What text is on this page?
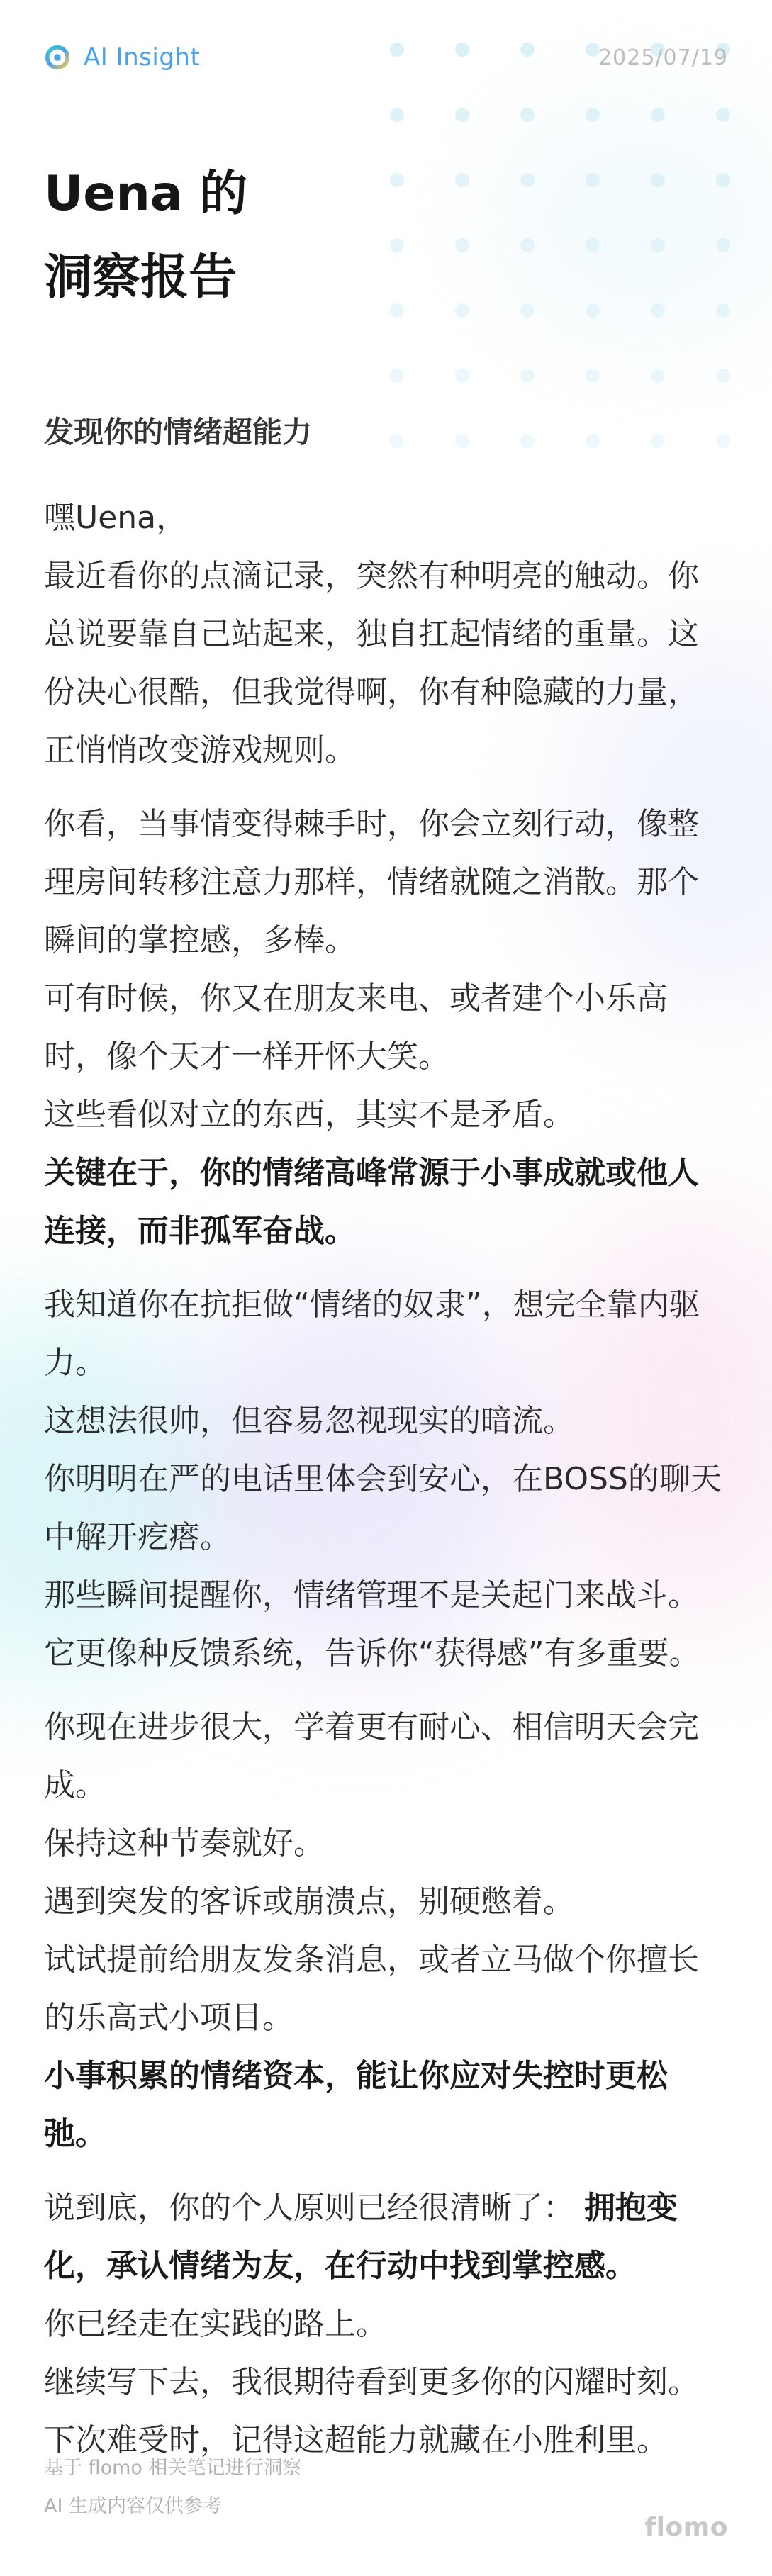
AI Insight	2025/07/19
Uena 的
洞察报告
发现你的情绪超能力
嘿Uena，
最近看你的点滴记录，突然有种明亮的触动。你
总说要靠自己站起来，独自扛起情绪的重量。这
份决心很酷，但我觉得啊，你有种隐藏的力量，
正悄悄改变游戏规则。
你看，当事情变得棘手时，你会立刻行动，像整
理房间转移注意力那样，情绪就随之消散。那个
瞬间的掌控感，多棒。
可有时候，你又在朋友来电、或者建个小乐高
时，像个天才一样开怀大笑。
这些看似对立的东西，其实不是矛盾。
关键在于，你的情绪高峰常源于小事成就或他人
连接，而非孤军奋战。
我知道你在抗拒做“情绪的奴隶”，想完全靠内驱
力。
这想法很帅，但容易忽视现实的暗流。
你明明在严的电话里体会到安心，在BOSS的聊天
中解开疙瘩。
那些瞬间提醒你，情绪管理不是关起门来战斗。
它更像种反馈系统，告诉你“获得感”有多重要。
你现在进步很大，学着更有耐心、相信明天会完
成。
保持这种节奏就好。
遇到突发的客诉或崩溃点，别硬憋着。
试试提前给朋友发条消息，或者立马做个你擅长
的乐高式小项目。
小事积累的情绪资本，能让你应对失控时更松
弛。
说到底，你的个人原则已经很清晰了： 拥抱变
化，承认情绪为友，在行动中找到掌控感。
你已经走在实践的路上。
继续写下去，我很期待看到更多你的闪耀时刻。
下次难受时，记得这超能力就藏在小胜利里。
基于 flomo 相关笔记进行洞察
AI 生成内容仅供参考
flomo
